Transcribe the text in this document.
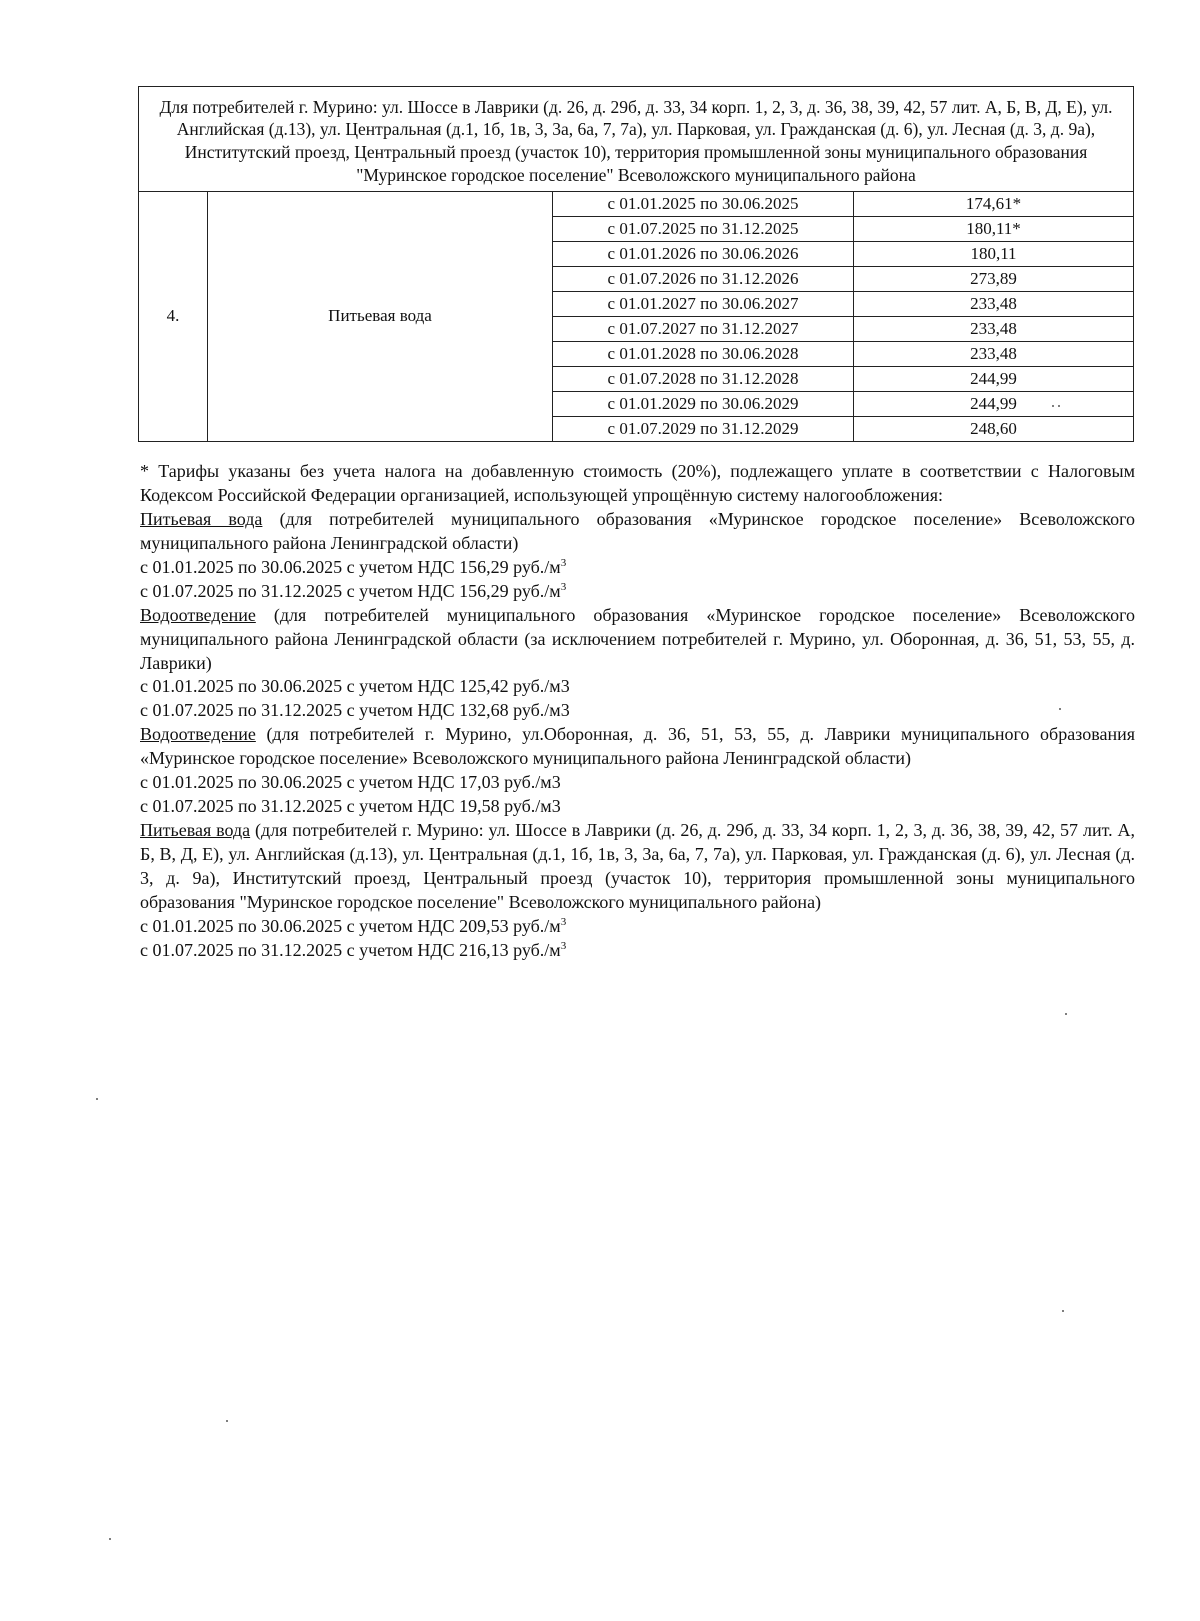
Для потребителей г. Мурино: ул. Шоссе в Лаврики (д. 26, д. 29б, д. 33, 34 корп. 1, 2, 3, д. 36, 38, 39, 42, 57 лит. А, Б, В, Д, Е), ул. Английская (д.13), ул. Центральная (д.1, 1б, 1в, 3, 3а, 6а, 7, 7а), ул. Парковая, ул. Гражданская (д. 6), ул. Лесная (д. 3, д. 9а), Институтский проезд, Центральный проезд (участок 10), территория промышленной зоны муниципального образования "Муринское городское поселение" Всеволожского муниципального района			
4.	Питьевая вода	с 01.01.2025 по 30.06.2025	174,61*
		с 01.07.2025 по 31.12.2025	180,11*
		с 01.01.2026 по 30.06.2026	180,11
		с 01.07.2026 по 31.12.2026	273,89
		с 01.01.2027 по 30.06.2027	233,48
		с 01.07.2027 по 31.12.2027	233,48
		с 01.01.2028 по 30.06.2028	233,48
		с 01.07.2028 по 31.12.2028	244,99
		с 01.01.2029 по 30.06.2029	244,99
		с 01.07.2029 по 31.12.2029	248,60

* Тарифы указаны без учета налога на добавленную стоимость (20%), подлежащего уплате в соответствии с Налоговым Кодексом Российской Федерации организацией, использующей упрощённую систему налогообложения:

Питьевая вода (для потребителей муниципального образования «Муринское городское поселение» Всеволожского муниципального района Ленинградской области)

с 01.01.2025 по 30.06.2025 с учетом НДС 156,29 $руб./м^3$

с 01.07.2025 по 31.12.2025 с учетом НДС 156,29 $руб./м^3$

Водоотведение (для потребителей муниципального образования «Муринское городское поселение» Всеволожского муниципального района Ленинградской области (за исключением потребителей г. Мурино, ул. Оборонная, д. 36, 51, 53, 55, д. Лаврики)

с 01.01.2025 по 30.06.2025 с учетом НДС 125,42 руб./м3

с 01.07.2025 по 31.12.2025 с учетом НДС 132,68 руб./м3

Водоотведение (для потребителей г. Мурино, ул.Оборонная, д. 36, 51, 53, 55, д. Лаврики муниципального образования «Муринское городское поселение» Всеволожского муниципального района Ленинградской области)

с 01.01.2025 по 30.06.2025 с учетом НДС 17,03 руб./м3

с 01.07.2025 по 31.12.2025 с учетом НДС 19,58 руб./м3

Питьевая вода (для потребителей г. Мурино: ул. Шоссе в Лаврики (д. 26, д. 29б, д. 33, 34 корп. 1, 2, 3, д. 36, 38, 39, 42, 57 лит. А, Б, В, Д, Е), ул. Английская (д.13), ул. Центральная (д.1, 1б, 1в, 3, 3а, 6а, 7, 7а), ул. Парковая, ул. Гражданская (д. 6), ул. Лесная (д. 3, д. 9а), Институтский проезд, Центральный проезд (участок 10), территория промышленной зоны муниципального образования "Муринское городское поселение" Всеволожского муниципального района)

с 01.01.2025 по 30.06.2025 с учетом НДС 209,53 $руб./м^3$

с 01.07.2025 по 31.12.2025 с учетом НДС 216,13 $руб./м^3$
